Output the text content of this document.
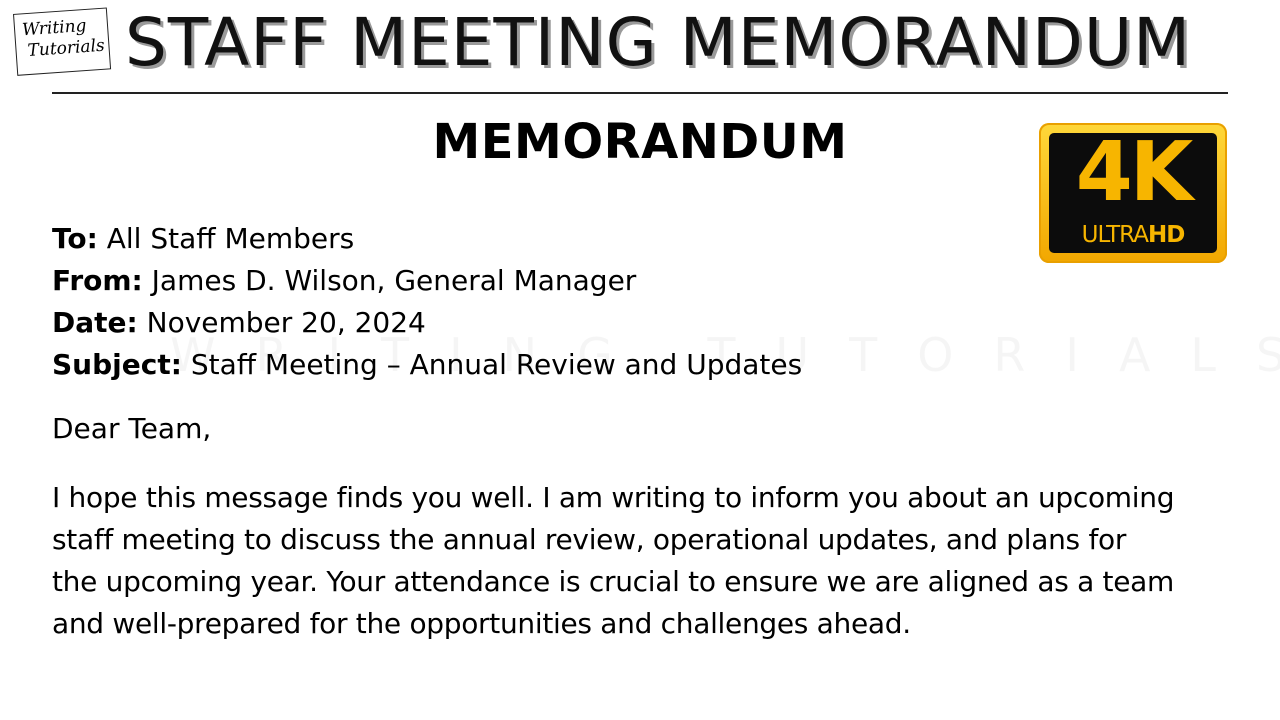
Writing
Tutorials STAFF MEETING MEMORANDUM
MEMORANDUM	4K
ULTRAHD
To: All Staff Members
From: James D. Wilson, General Manager
Date: November 20, 2024
Subject: Staff Meeting – Annual Review and Updates
Dear Team,
I hope this message finds you well. I am writing to inform you about an upcoming
staff meeting to discuss the annual review, operational updates, and plans for
the upcoming year. Your attendance is crucial to ensure we are aligned as a team
and well-prepared for the opportunities and challenges ahead.
